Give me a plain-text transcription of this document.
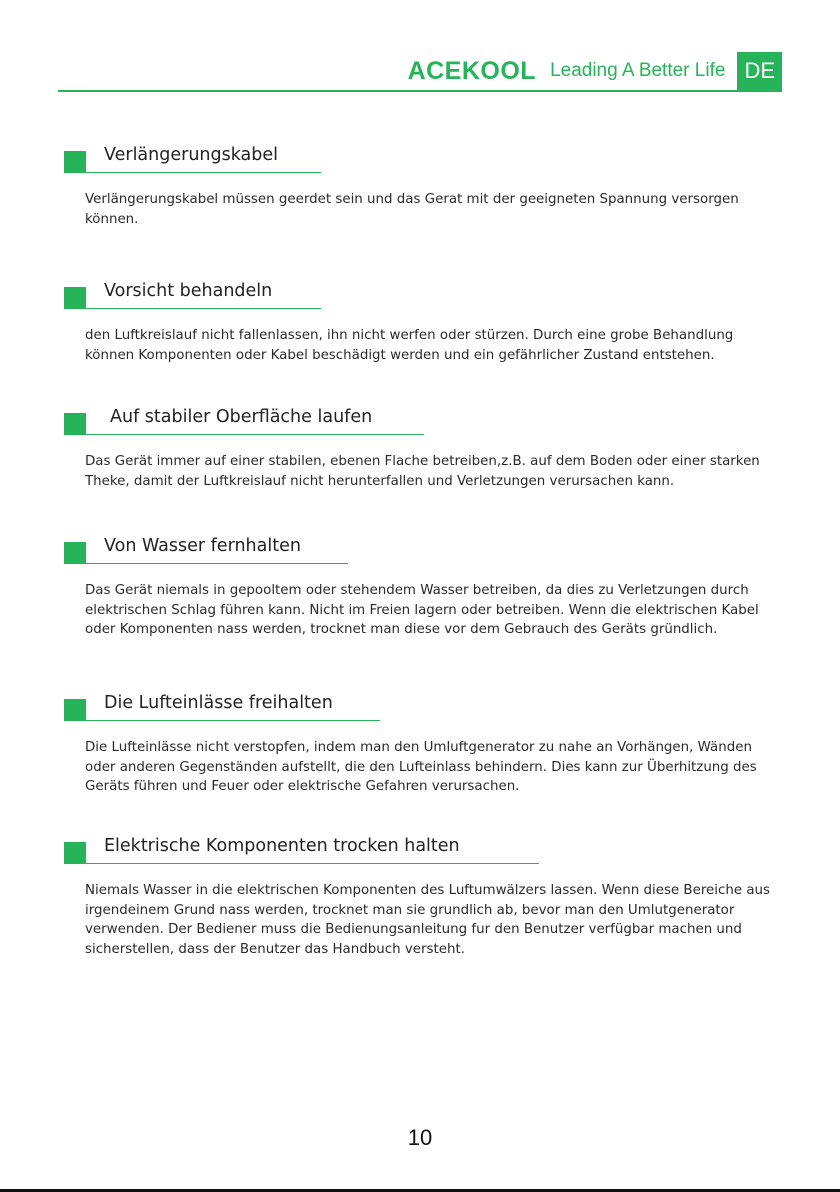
ACEKOOL Leading A Better Life DE
Verlängerungskabel

Verlängerungskabel müssen geerdet sein und das Gerat mit der geeigneten Spannung versorgen können.

Vorsicht behandeln

den Luftkreislauf nicht fallenlassen, ihn nicht werfen oder stürzen. Durch eine grobe Behandlung können Komponenten oder Kabel beschädigt werden und ein gefährlicher Zustand entstehen.

Auf stabiler Oberfläche laufen

Das Gerät immer auf einer stabilen, ebenen Flache betreiben,z.B. auf dem Boden oder einer starken Theke, damit der Luftkreislauf nicht herunterfallen und Verletzungen verursachen kann.

Von Wasser fernhalten

Das Gerät niemals in gepooltem oder stehendem Wasser betreiben, da dies zu Verletzungen durch elektrischen Schlag führen kann. Nicht im Freien lagern oder betreiben. Wenn die elektrischen Kabel oder Komponenten nass werden, trocknet man diese vor dem Gebrauch des Geräts gründlich.

Die Lufteinlässe freihalten

Die Lufteinlässe nicht verstopfen, indem man den Umluftgenerator zu nahe an Vorhängen, Wänden oder anderen Gegenständen aufstellt, die den Lufteinlass behindern. Dies kann zur Überhitzung des Geräts führen und Feuer oder elektrische Gefahren verursachen.

Elektrische Komponenten trocken halten

Niemals Wasser in die elektrischen Komponenten des Luftumwälzers lassen. Wenn diese Bereiche aus irgendeinem Grund nass werden, trocknet man sie grundlich ab, bevor man den Umlutgenerator verwenden. Der Bediener muss die Bedienungsanleitung fur den Benutzer verfügbar machen und sicherstellen, dass der Benutzer das Handbuch versteht.

10
